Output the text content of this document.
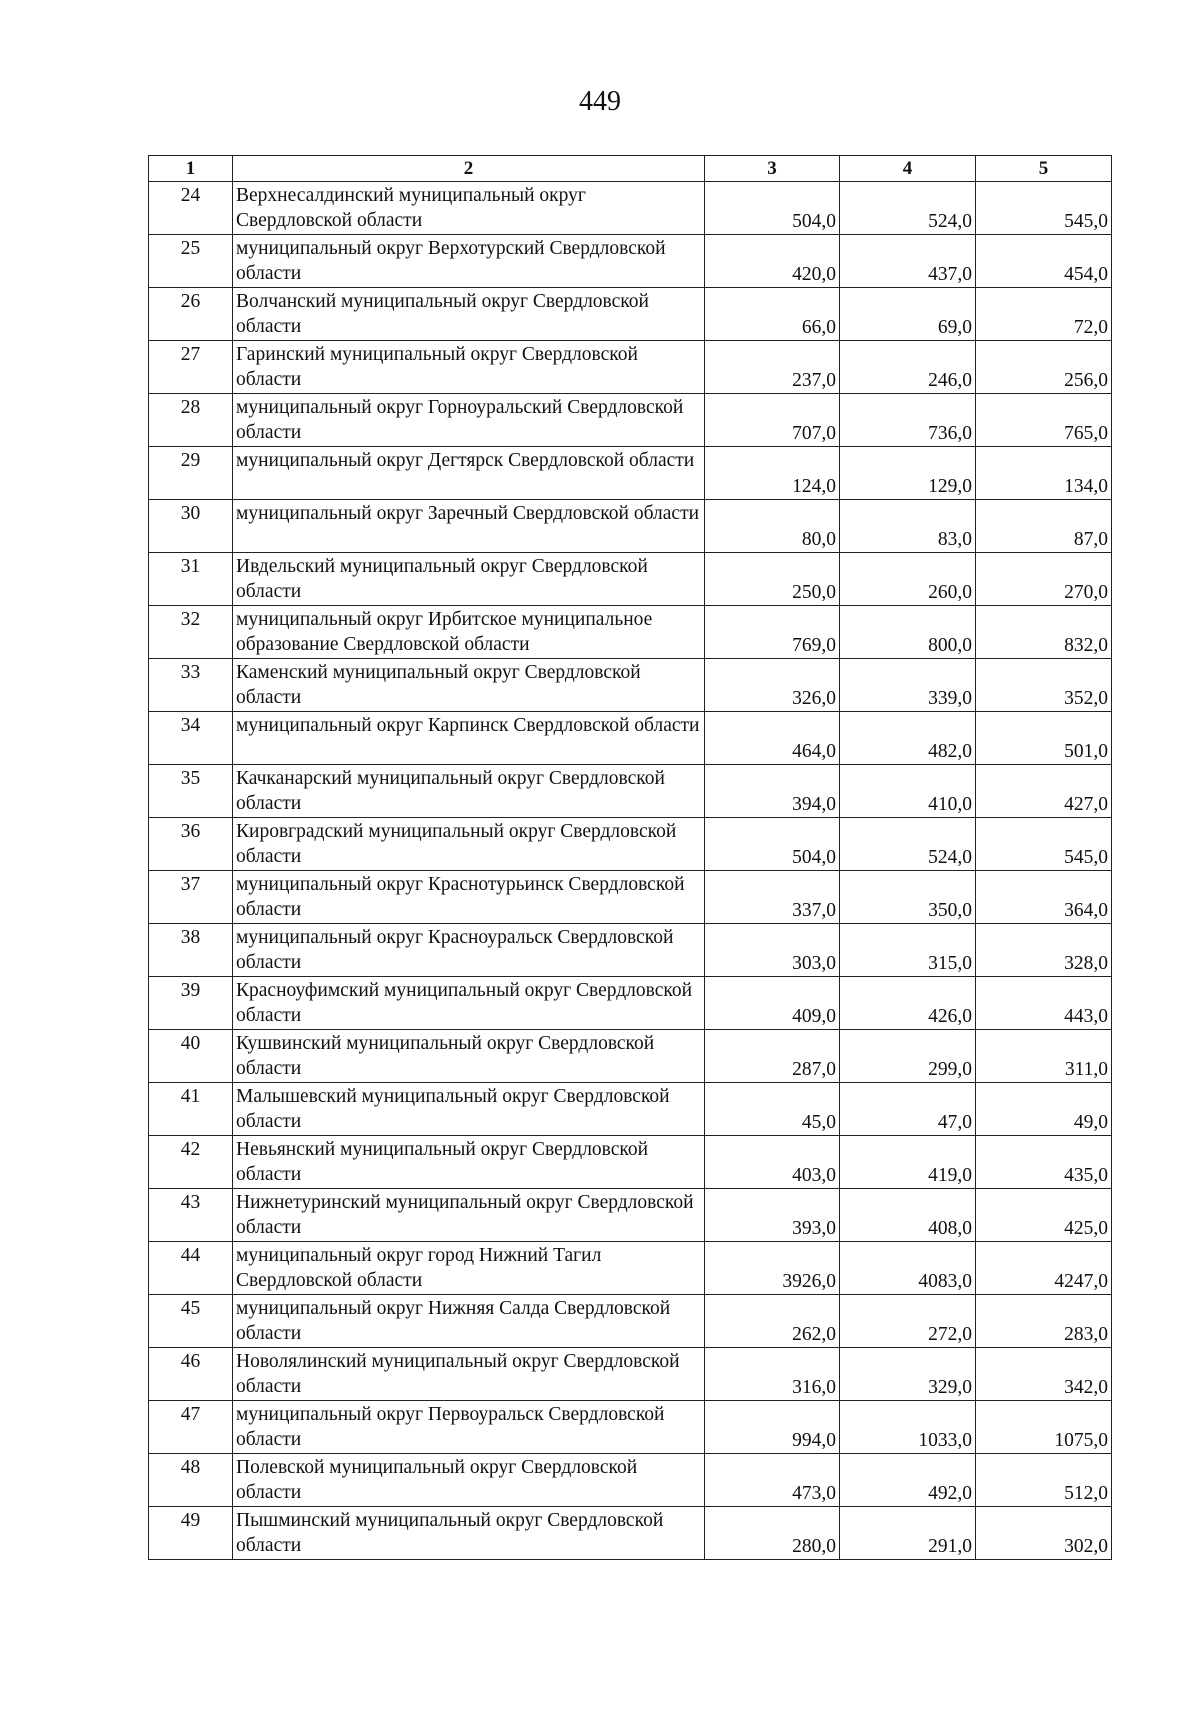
449
1	2	3	4	5
24	Верхнесалдинский муниципальный округ Свердловской области	504,0	524,0	545,0
25	муниципальный округ Верхотурский Свердловской области	420,0	437,0	454,0
26	Волчанский муниципальный округ Свердловской области	66,0	69,0	72,0
27	Гаринский муниципальный округ Свердловской области	237,0	246,0	256,0
28	муниципальный округ Горноуральский Свердловской области	707,0	736,0	765,0
29	муниципальный округ Дегтярск Свердловской области	124,0	129,0	134,0
30	муниципальный округ Заречный Свердловской области	80,0	83,0	87,0
31	Ивдельский муниципальный округ Свердловской области	250,0	260,0	270,0
32	муниципальный округ Ирбитское муниципальное образование Свердловской области	769,0	800,0	832,0
33	Каменский муниципальный округ Свердловской области	326,0	339,0	352,0
34	муниципальный округ Карпинск Свердловской области	464,0	482,0	501,0
35	Качканарский муниципальный округ Свердловской области	394,0	410,0	427,0
36	Кировградский муниципальный округ Свердловской области	504,0	524,0	545,0
37	муниципальный округ Краснотурьинск Свердловской области	337,0	350,0	364,0
38	муниципальный округ Красноуральск Свердловской области	303,0	315,0	328,0
39	Красноуфимский муниципальный округ Свердловской области	409,0	426,0	443,0
40	Кушвинский муниципальный округ Свердловской области	287,0	299,0	311,0
41	Малышевский муниципальный округ Свердловской области	45,0	47,0	49,0
42	Невьянский муниципальный округ Свердловской области	403,0	419,0	435,0
43	Нижнетуринский муниципальный округ Свердловской области	393,0	408,0	425,0
44	муниципальный округ город Нижний Тагил Свердловской области	3926,0	4083,0	4247,0
45	муниципальный округ Нижняя Салда Свердловской области	262,0	272,0	283,0
46	Новолялинский муниципальный округ Свердловской области	316,0	329,0	342,0
47	муниципальный округ Первоуральск Свердловской области	994,0	1033,0	1075,0
48	Полевской муниципальный округ Свердловской области	473,0	492,0	512,0
49	Пышминский муниципальный округ Свердловской области	280,0	291,0	302,0
